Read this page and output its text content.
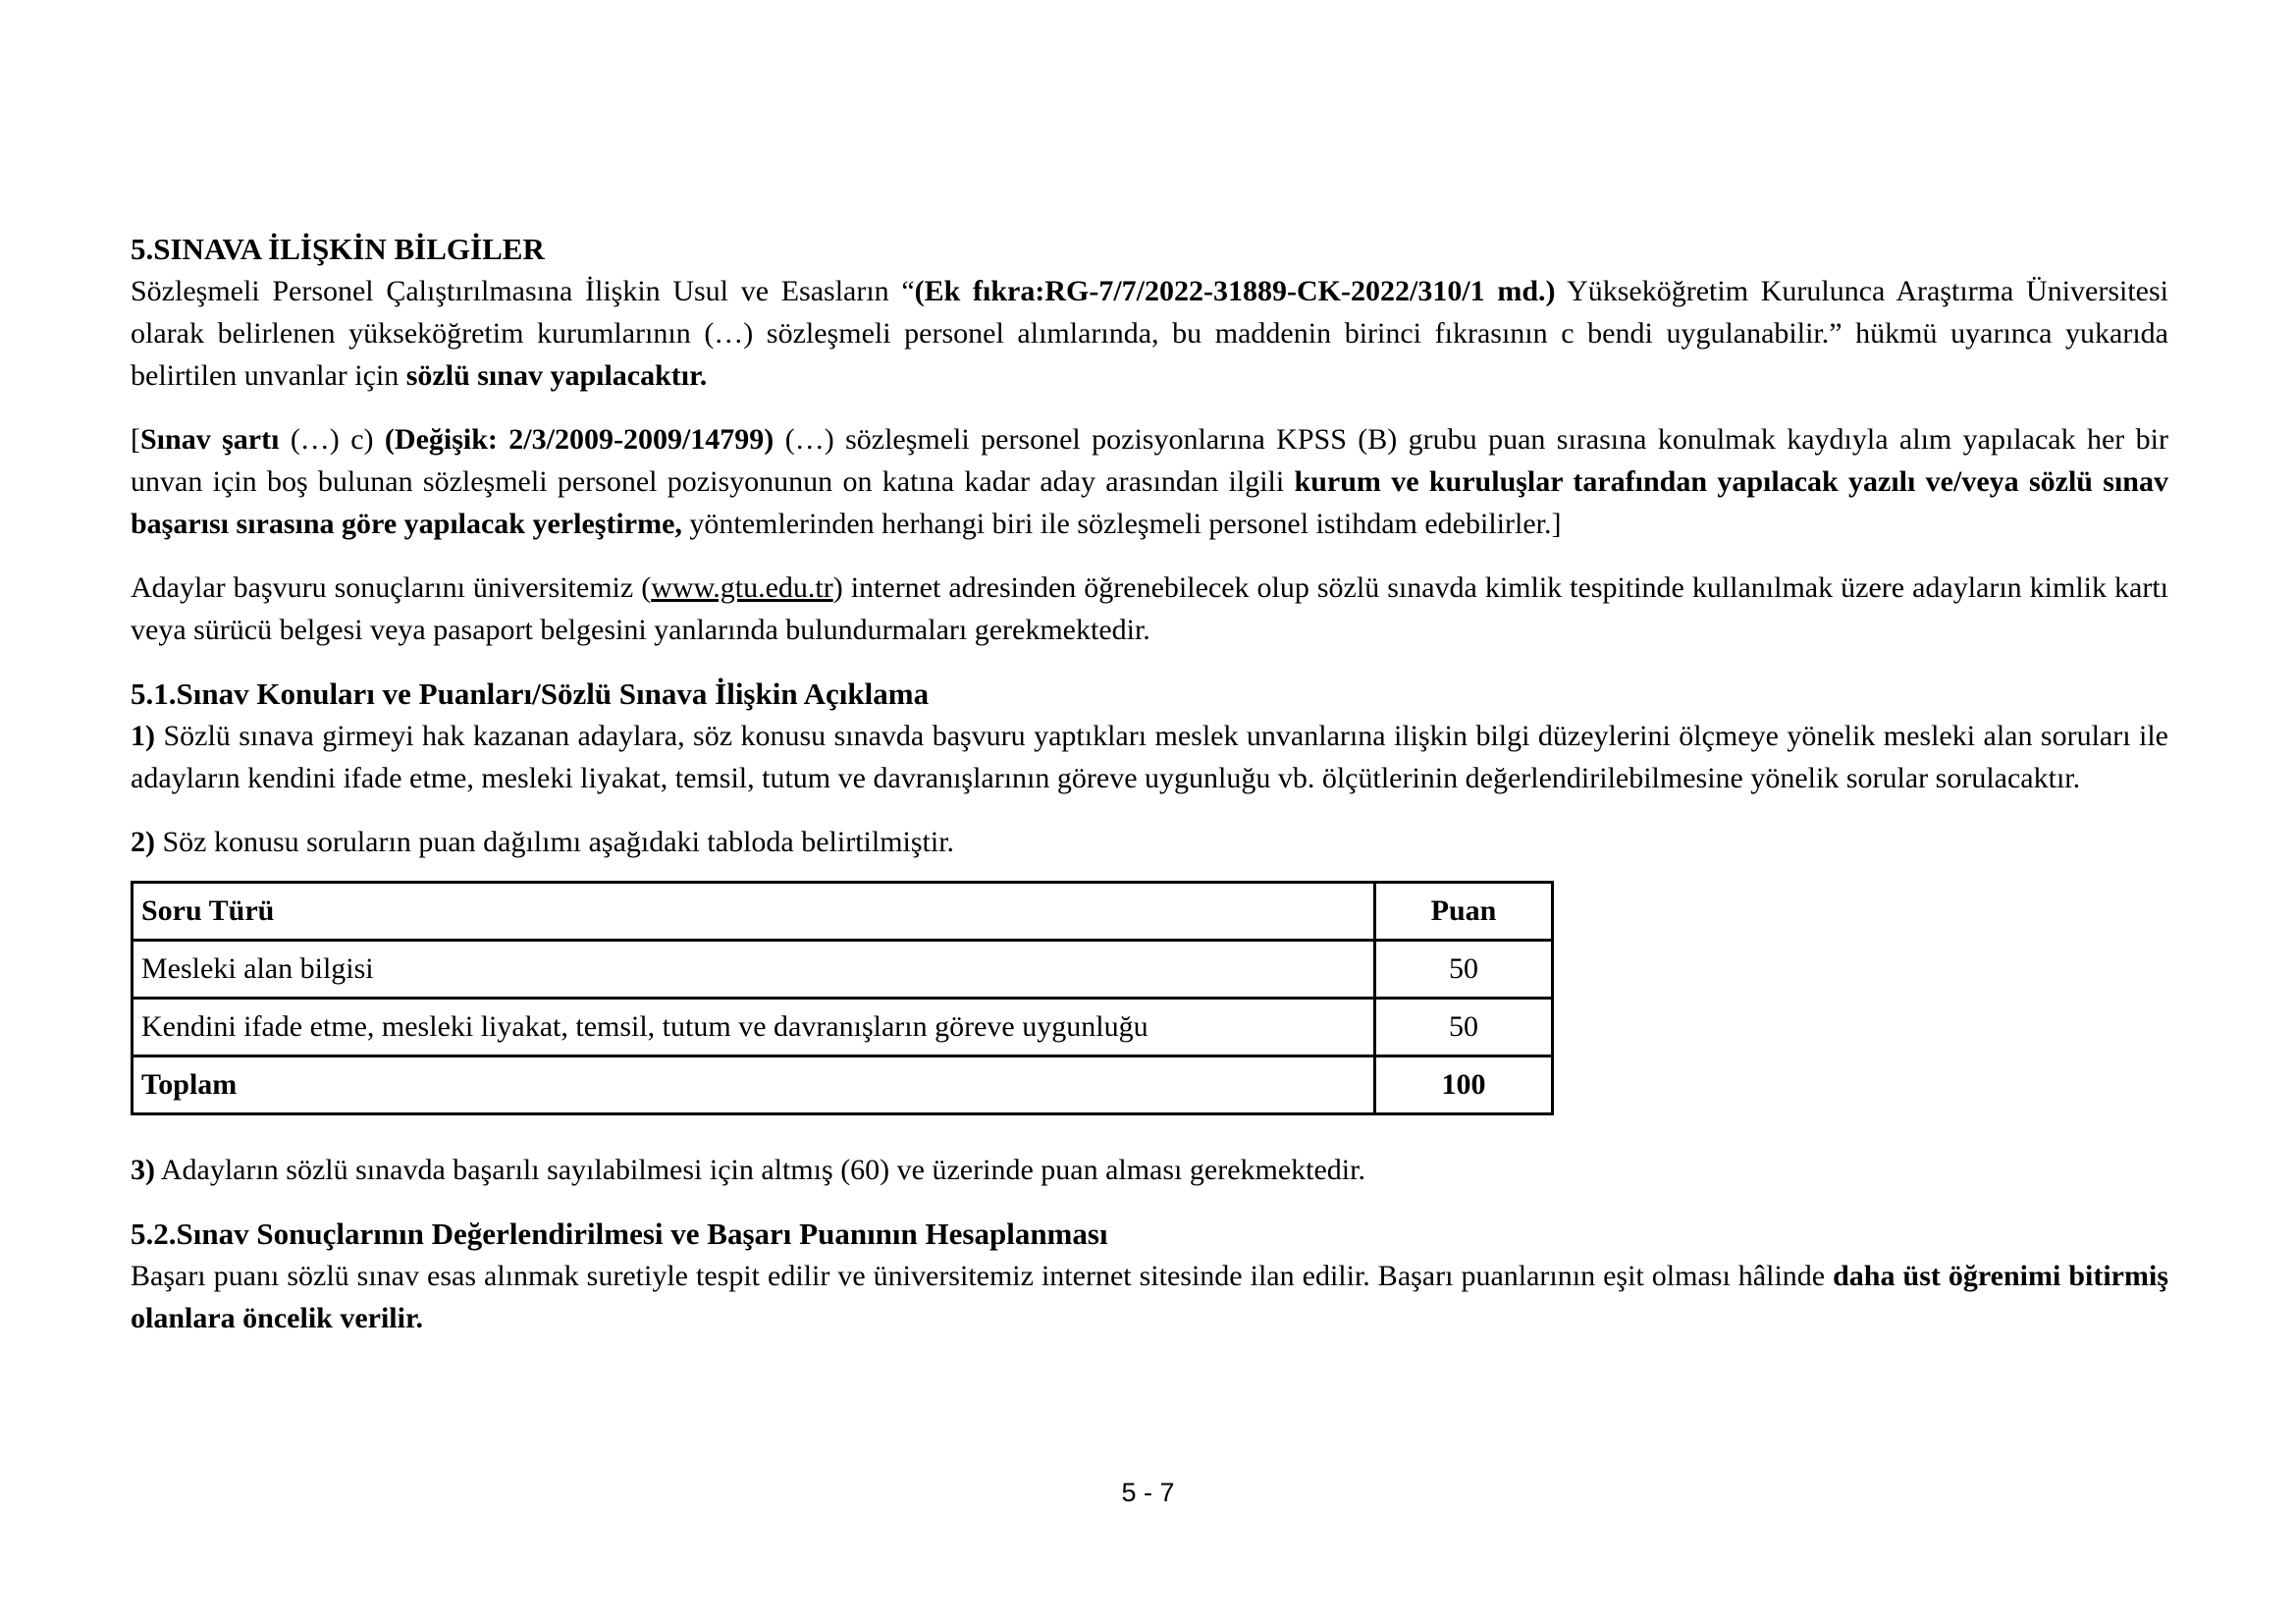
5.SINAVA İLİŞKİN BİLGİLER

Sözleşmeli Personel Çalıştırılmasına İlişkin Usul ve Esasların “(Ek fıkra:RG-7/7/2022-31889-CK-2022/310/1 md.) Yükseköğretim Kurulunca Araştırma Üniversitesi olarak belirlenen yükseköğretim kurumlarının (…) sözleşmeli personel alımlarında, bu maddenin birinci fıkrasının c bendi uygulanabilir.” hükmü uyarınca yukarıda belirtilen unvanlar için sözlü sınav yapılacaktır.

[Sınav şartı (…) c) (Değişik: 2/3/2009-2009/14799) (…) sözleşmeli personel pozisyonlarına KPSS (B) grubu puan sırasına konulmak kaydıyla alım yapılacak her bir unvan için boş bulunan sözleşmeli personel pozisyonunun on katına kadar aday arasından ilgili kurum ve kuruluşlar tarafından yapılacak yazılı ve/veya sözlü sınav başarısı sırasına göre yapılacak yerleştirme, yöntemlerinden herhangi biri ile sözleşmeli personel istihdam edebilirler.]

Adaylar başvuru sonuçlarını üniversitemiz (www.gtu.edu.tr) internet adresinden öğrenebilecek olup sözlü sınavda kimlik tespitinde kullanılmak üzere adayların kimlik kartı veya sürücü belgesi veya pasaport belgesini yanlarında bulundurmaları gerekmektedir.

5.1.Sınav Konuları ve Puanları/Sözlü Sınava İlişkin Açıklama

1) Sözlü sınava girmeyi hak kazanan adaylara, söz konusu sınavda başvuru yaptıkları meslek unvanlarına ilişkin bilgi düzeylerini ölçmeye yönelik mesleki alan soruları ile adayların kendini ifade etme, mesleki liyakat, temsil, tutum ve davranışlarının göreve uygunluğu vb. ölçütlerinin değerlendirilebilmesine yönelik sorular sorulacaktır.

2) Söz konusu soruların puan dağılımı aşağıdaki tabloda belirtilmiştir.

Soru Türü	Puan
Mesleki alan bilgisi	50
Kendini ifade etme, mesleki liyakat, temsil, tutum ve davranışların göreve uygunluğu	50
Toplam	100

3) Adayların sözlü sınavda başarılı sayılabilmesi için altmış (60) ve üzerinde puan alması gerekmektedir.

5.2.Sınav Sonuçlarının Değerlendirilmesi ve Başarı Puanının Hesaplanması

Başarı puanı sözlü sınav esas alınmak suretiyle tespit edilir ve üniversitemiz internet sitesinde ilan edilir. Başarı puanlarının eşit olması hâlinde daha üst öğrenimi bitirmiş olanlara öncelik verilir.

5 - 7
